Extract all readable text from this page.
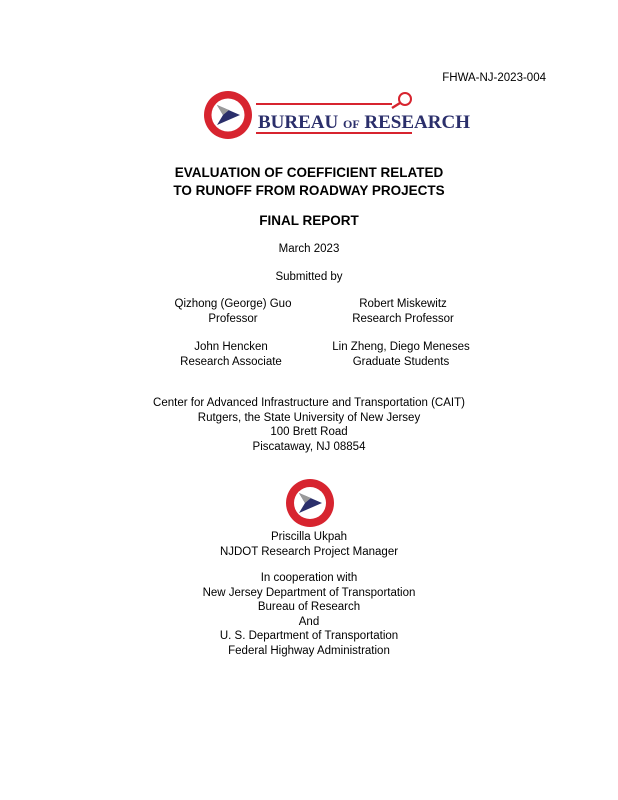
FHWA-NJ-2023-004
BUREAU OF RESEARCH
EVALUATION OF COEFFICIENT RELATED
TO RUNOFF FROM ROADWAY PROJECTS
FINAL REPORT
March 2023
Submitted by
Qizhong (George) Guo
Professor
Robert Miskewitz
Research Professor
John Hencken
Research Associate
Lin Zheng, Diego Meneses
Graduate Students
Center for Advanced Infrastructure and Transportation (CAIT)
Rutgers, the State University of New Jersey
100 Brett Road
Piscataway, NJ 08854
Priscilla Ukpah
NJDOT Research Project Manager
In cooperation with
New Jersey Department of Transportation
Bureau of Research
And
U. S. Department of Transportation
Federal Highway Administration
